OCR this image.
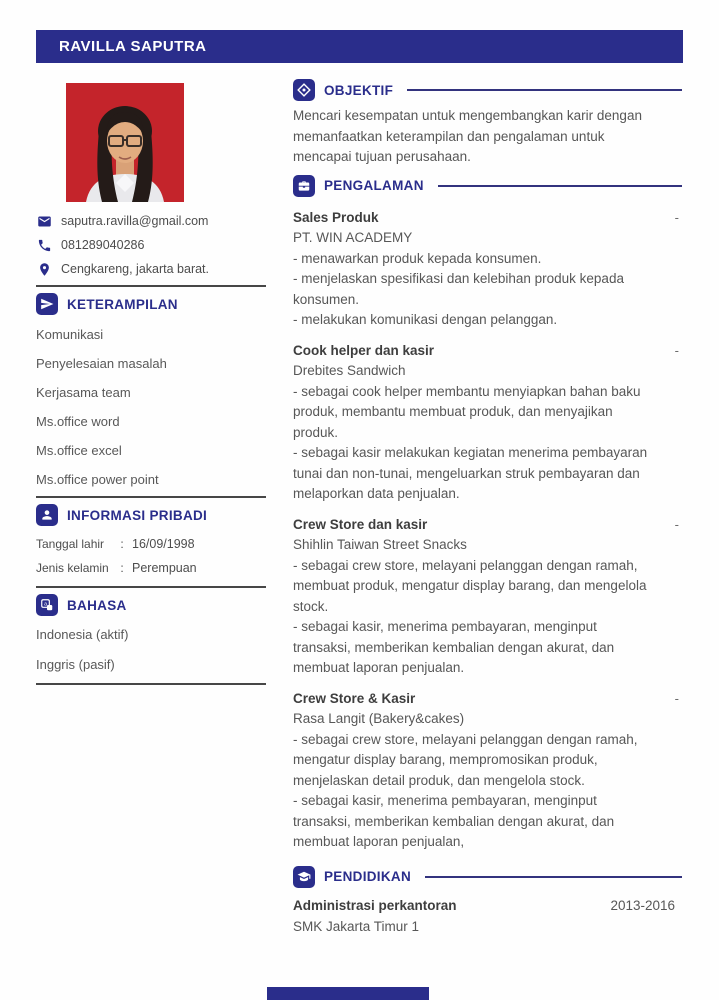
RAVILLA SAPUTRA
saputra.ravilla@gmail.com
081289040286
Cengkareng, jakarta barat.
KETERAMPILAN
Komunikasi
Penyelesaian masalah
Kerjasama team
Ms.office word
Ms.office excel
Ms.office power point
INFORMASI PRIBADI
Tanggal lahir	: 16/09/1998
Jenis kelamin : Perempuan
a BAHASA
Indonesia (aktif)
Inggris (pasif)
OBJEKTIF
Mencari kesempatan untuk mengembangkan karir dengan memanfaatkan keterampilan dan pengalaman untuk mencapai tujuan perusahaan.
PENGALAMAN
Sales Produk	-
PT. WIN ACADEMY
- menawarkan produk kepada konsumen.
- menjelaskan spesifikasi dan kelebihan produk kepada konsumen.
- melakukan komunikasi dengan pelanggan.
Cook helper dan kasir	-
Drebites Sandwich
- sebagai cook helper membantu menyiapkan bahan baku produk, membantu membuat produk, dan menyajikan produk.
- sebagai kasir melakukan kegiatan menerima pembayaran tunai dan non-tunai, mengeluarkan struk pembayaran dan melaporkan data penjualan.
Crew Store dan kasir	-
Shihlin Taiwan Street Snacks
- sebagai crew store, melayani pelanggan dengan ramah, membuat produk, mengatur display barang, dan mengelola stock.
- sebagai kasir, menerima pembayaran, menginput transaksi, memberikan kembalian dengan akurat, dan membuat laporan penjualan.
Crew Store & Kasir	-
Rasa Langit (Bakery&cakes)
- sebagai crew store, melayani pelanggan dengan ramah, mengatur display barang, mempromosikan produk, menjelaskan detail produk, dan mengelola stock.
- sebagai kasir, menerima pembayaran, menginput transaksi, memberikan kembalian dengan akurat, dan membuat laporan penjualan,
PENDIDIKAN
Administrasi perkantoran	2013-2016
SMK Jakarta Timur 1
